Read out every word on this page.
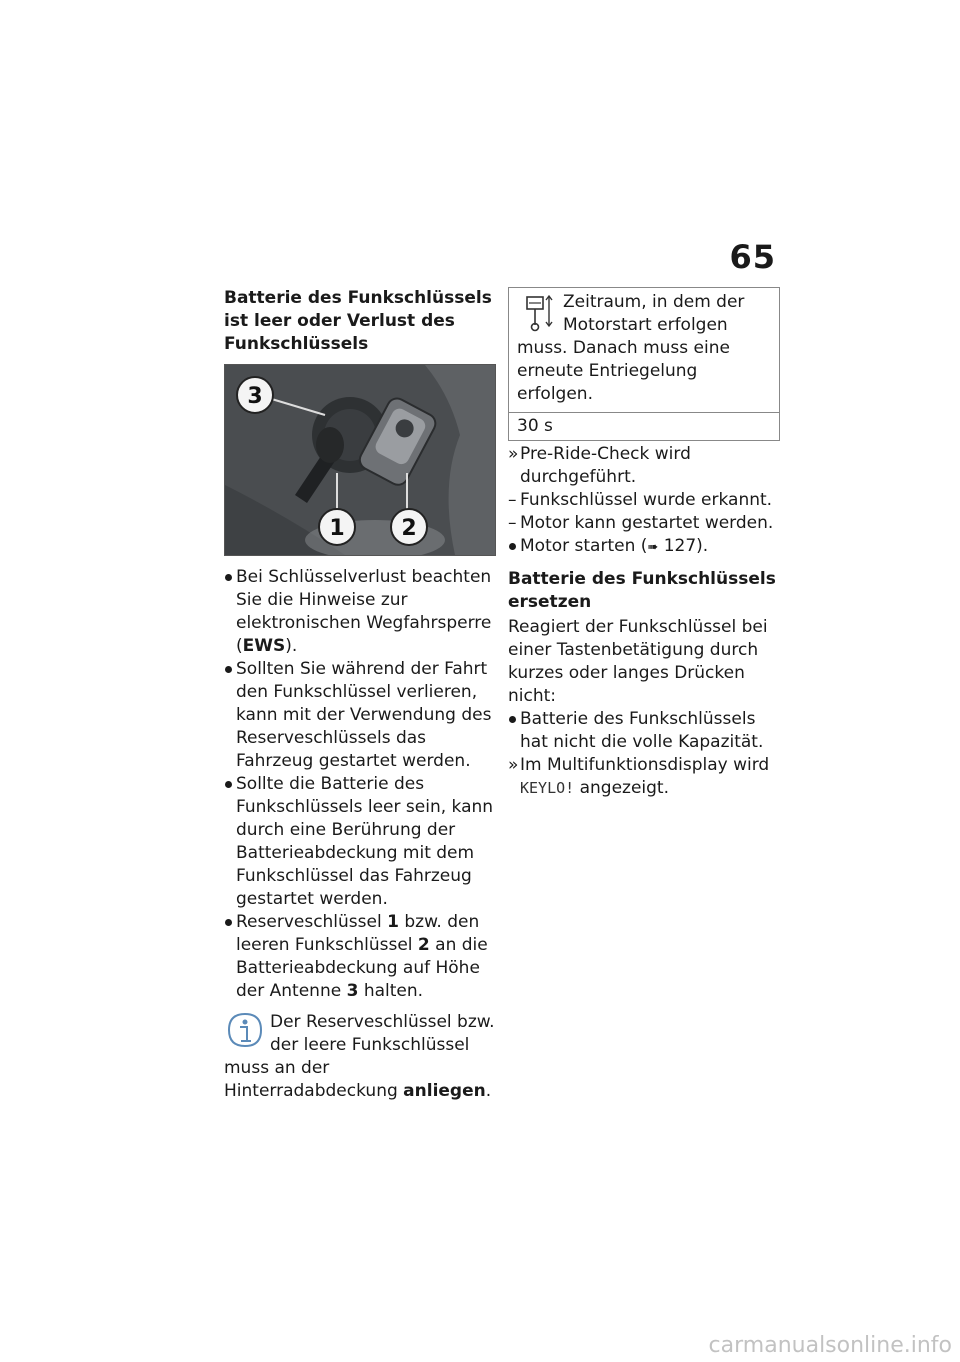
65
Batterie des Funkschlüssels ist leer oder Verlust des Funkschlüssels
3
1	2
Bei Schlüsselverlust beachten Sie die Hinweise zur elektronischen Wegfahrsperre (EWS).
Sollten Sie während der Fahrt den Funkschlüssel verlieren, kann mit der Verwendung des Reserveschlüssels das Fahrzeug gestartet werden.
Sollte die Batterie des Funkschlüssels leer sein, kann durch eine Berührung der Batterieabdeckung mit dem Funkschlüssel das Fahrzeug gestartet werden.
Reserveschlüssel 1 bzw. den leeren Funkschlüssel 2 an die Batterieabdeckung auf Höhe der Antenne 3 halten.
Der Reserveschlüssel bzw. der leere Funkschlüssel muss an der Hinterradabdeckung anliegen.
Zeitraum, in dem der Motorstart erfolgen muss. Danach muss eine erneute Entriegelung erfolgen.
30 s
» Pre-Ride-Check wird durchgeführt.
– Funkschlüssel wurde erkannt.
– Motor kann gestartet werden.
Motor starten (➠ 127).
Batterie des Funkschlüssels ersetzen
Reagiert der Funkschlüssel bei einer Tastenbetätigung durch kurzes oder langes Drücken nicht:
Batterie des Funkschlüssels hat nicht die volle Kapazität.
» Im Multifunktionsdisplay wird KEYLO! angezeigt.
carmanualsonline.info
